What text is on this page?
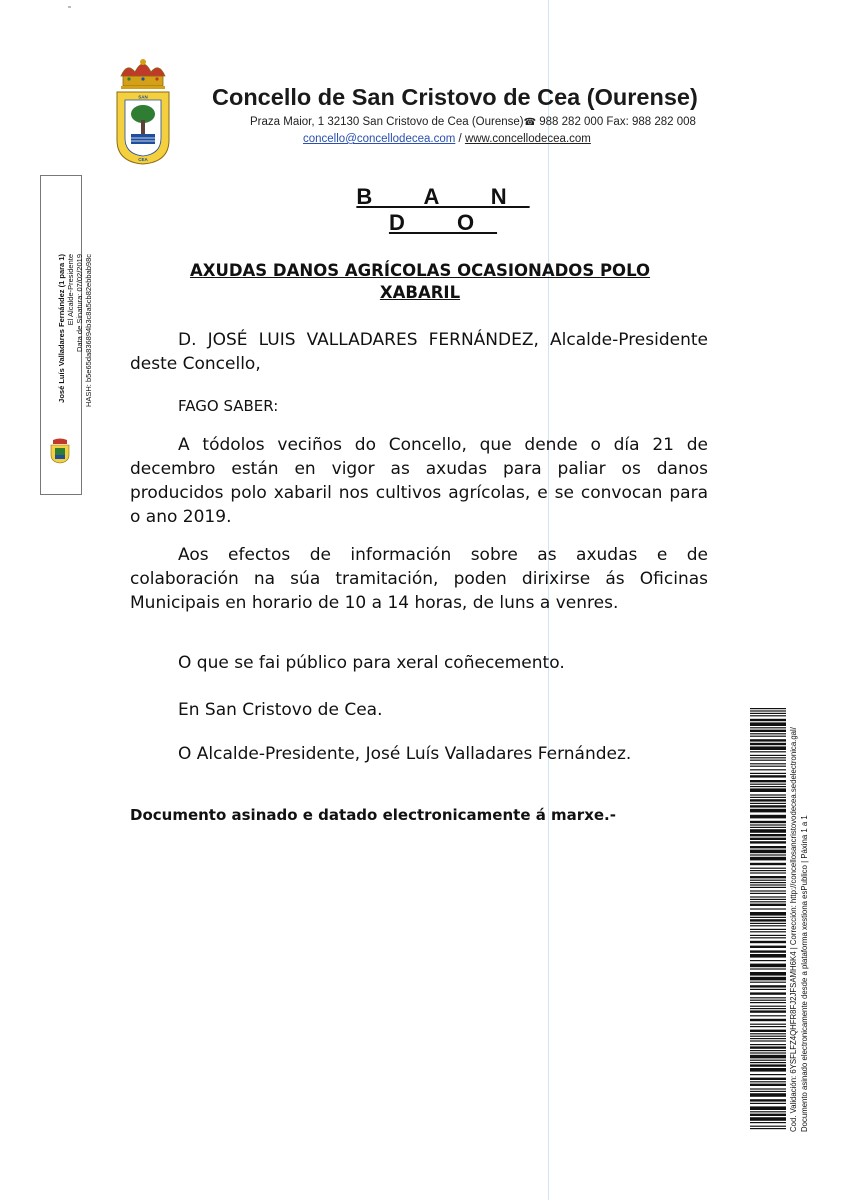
SAN
CEA
Concello de San Cristovo de Cea (Ourense)
Praza Maior, 1 32130 San Cristovo de Cea (Ourense)☎ 988 282 000 Fax: 988 282 008
concello@concellodecea.com / www.concellodecea.com
B A N D O
AXUDAS DANOS AGRÍCOLAS OCASIONADOS POLO
XABARIL
D. JOSÉ LUIS VALLADARES FERNÁNDEZ, Alcalde-Presidente deste Concello,
FAGO SABER:
A tódolos veciños do Concello, que dende o día 21 de decembro están en vigor as axudas para paliar os danos producidos polo xabaril nos cultivos agrícolas, e se convocan para o ano 2019.
Aos efectos de información sobre as axudas e de colaboración na súa tramitación, poden dirixirse ás Oficinas Municipais en horario de 10 a 14 horas, de luns a venres.
O que se fai público para xeral coñecemento.
En San Cristovo de Cea.
O Alcalde-Presidente, José Luís Valladares Fernández.
Documento asinado e datado electronicamente á marxe.-
José Luís Valladares Fernández (1 para 1) El Alcalde-Presidente Data de Sinatura: 07/02/2019 HASH: b5e65da836894b3c8a5cb82ebbab98c
Cod. Validación: 6YSFLFZ4QHFR8FJ2JFSAMH6K4 | Corrección: http://concellosancristovodecea.sedelectronica.gal/ Documento asinado electronicamente desde a plataforma xestiona esPublico | Páxina 1 a 1
